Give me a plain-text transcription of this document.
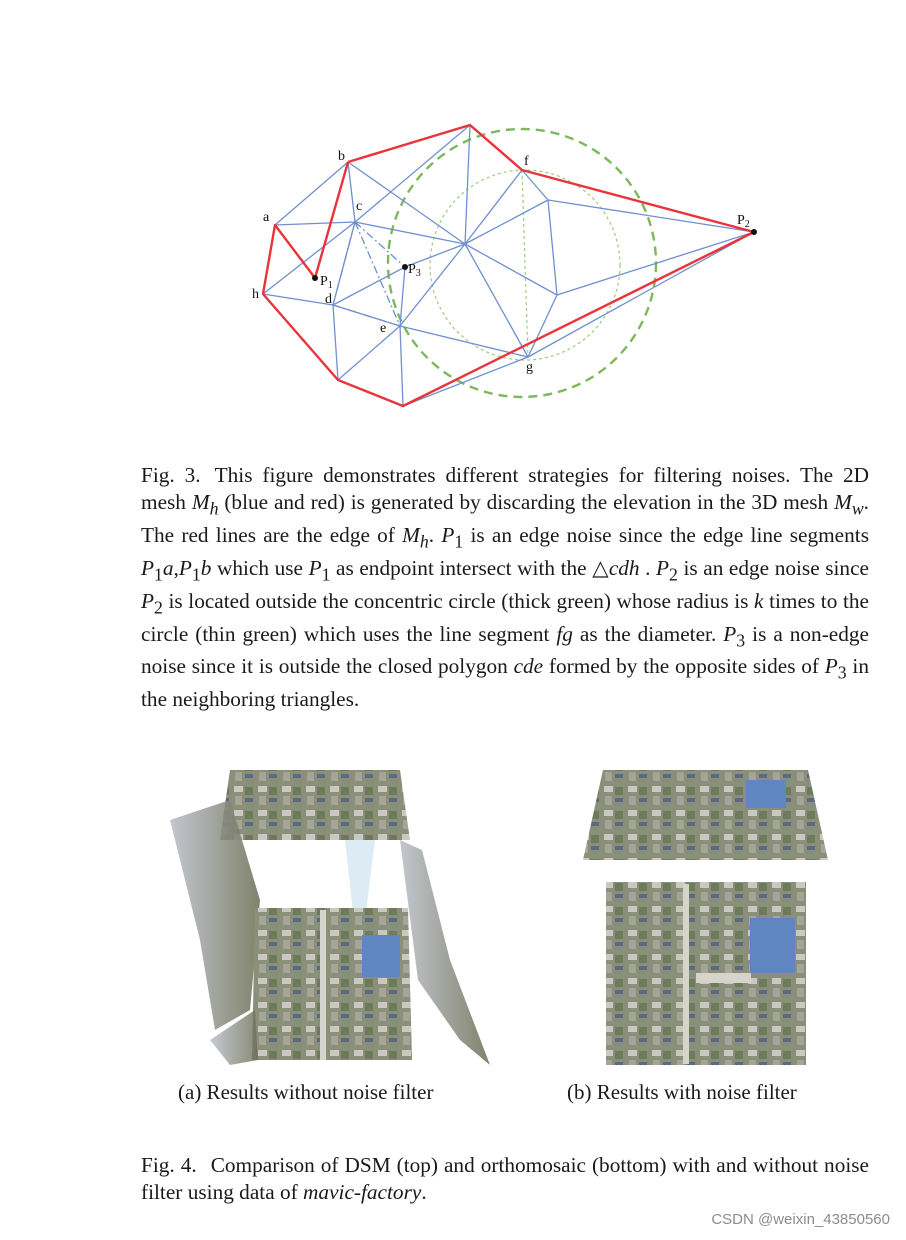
a
b
c
d
e
f
g
h
$P_1$
$P_2$
$P_3$
Fig. 3. This figure demonstrates different strategies for filtering noises. The 2D mesh $M_h$ (blue and red) is generated by discarding the elevation in the 3D mesh $M_w$. The red lines are the edge of $M_h$. $P_1$ is an edge noise since the edge line segments $P_1a,P_1b$ which use $P_1$ as endpoint intersect with the △cdh . $P_2$ is an edge noise since $P_2$ is located outside the concentric circle (thick green) whose radius is k times to the circle (thin green) which uses the line segment fg as the diameter. $P_3$ is a non-edge noise since it is outside the closed polygon cde formed by the opposite sides of $P_3$ in the neighboring triangles.
(a) Results without noise filter	(b) Results with noise filter
Fig. 4. Comparison of DSM (top) and orthomosaic (bottom) with and without noise filter using data of mavic-factory.
CSDN @weixin_43850560
